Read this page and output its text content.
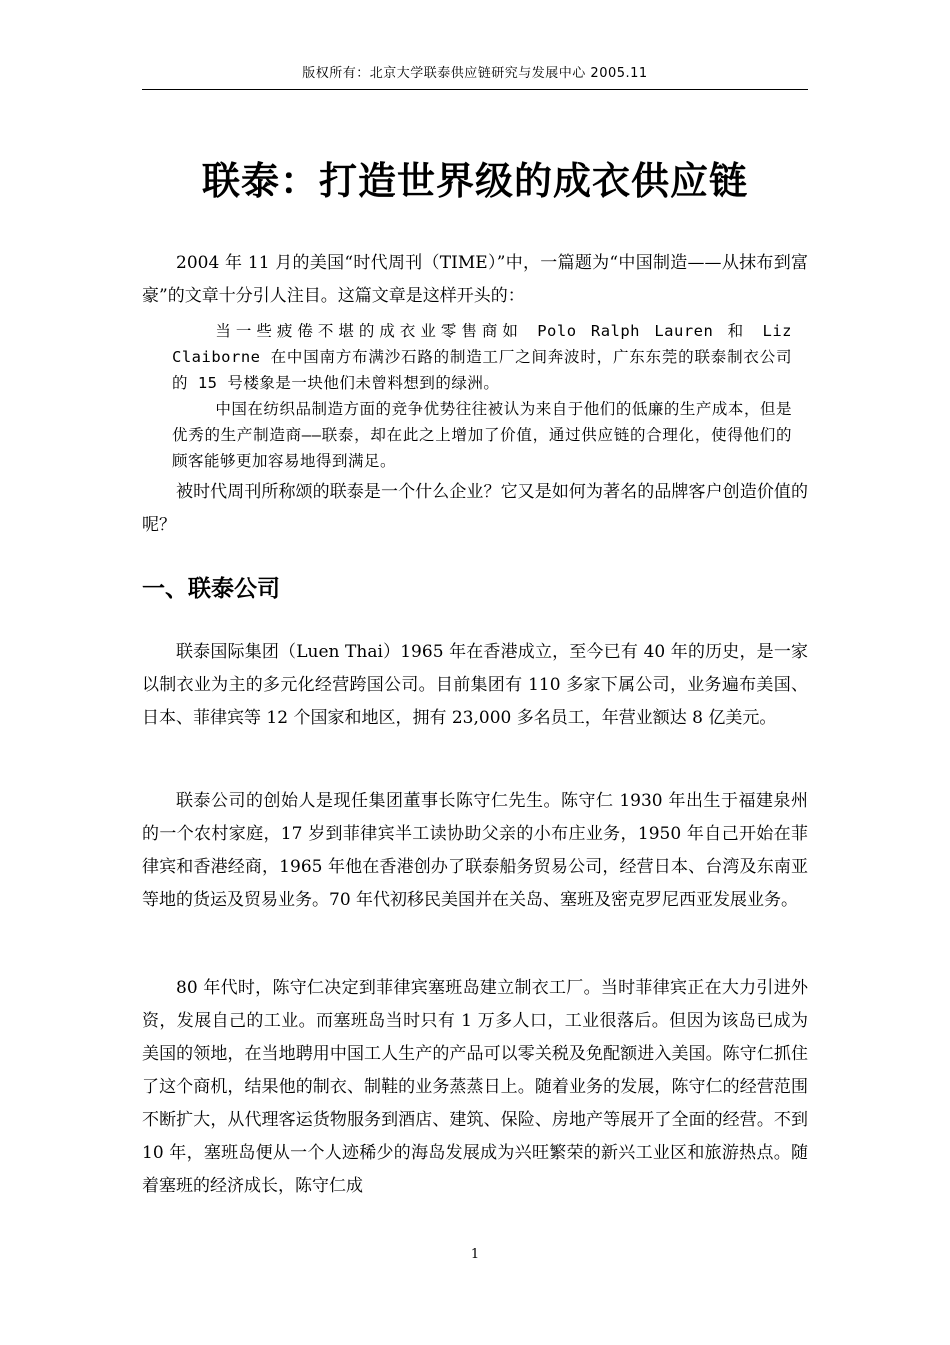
版权所有：北京大学联泰供应链研究与发展中心 2005.11
联泰：打造世界级的成衣供应链

2004 年 11 月的美国“时代周刊（TIME）”中，一篇题为“中国制造——从抹布到富豪”的文章十分引人注目。这篇文章是这样开头的：

当一些疲倦不堪的成衣业零售商如 Polo Ralph Lauren 和 Liz Claiborne 在中国南方布满沙石路的制造工厂之间奔波时，广东东莞的联泰制衣公司的 15 号楼象是一块他们未曾料想到的绿洲。

中国在纺织品制造方面的竞争优势往往被认为来自于他们的低廉的生产成本，但是优秀的生产制造商——联泰，却在此之上增加了价值，通过供应链的合理化，使得他们的顾客能够更加容易地得到满足。

被时代周刊所称颂的联泰是一个什么企业？它又是如何为著名的品牌客户创造价值的呢？

一、联泰公司

联泰国际集团（Luen Thai）1965 年在香港成立，至今已有 40 年的历史，是一家以制衣业为主的多元化经营跨国公司。目前集团有 110 多家下属公司，业务遍布美国、日本、菲律宾等 12 个国家和地区，拥有 23,000 多名员工，年营业额达 8 亿美元。

联泰公司的创始人是现任集团董事长陈守仁先生。陈守仁 1930 年出生于福建泉州的一个农村家庭，17 岁到菲律宾半工读协助父亲的小布庄业务，1950 年自己开始在菲律宾和香港经商，1965 年他在香港创办了联泰船务贸易公司，经营日本、台湾及东南亚等地的货运及贸易业务。70 年代初移民美国并在关岛、塞班及密克罗尼西亚发展业务。

80 年代时，陈守仁决定到菲律宾塞班岛建立制衣工厂。当时菲律宾正在大力引进外资，发展自己的工业。而塞班岛当时只有 1 万多人口，工业很落后。但因为该岛已成为美国的领地，在当地聘用中国工人生产的产品可以零关税及免配额进入美国。陈守仁抓住了这个商机，结果他的制衣、制鞋的业务蒸蒸日上。随着业务的发展，陈守仁的经营范围不断扩大，从代理客运货物服务到酒店、建筑、保险、房地产等展开了全面的经营。不到 10 年，塞班岛便从一个人迹稀少的海岛发展成为兴旺繁荣的新兴工业区和旅游热点。随着塞班的经济成长，陈守仁成

1
